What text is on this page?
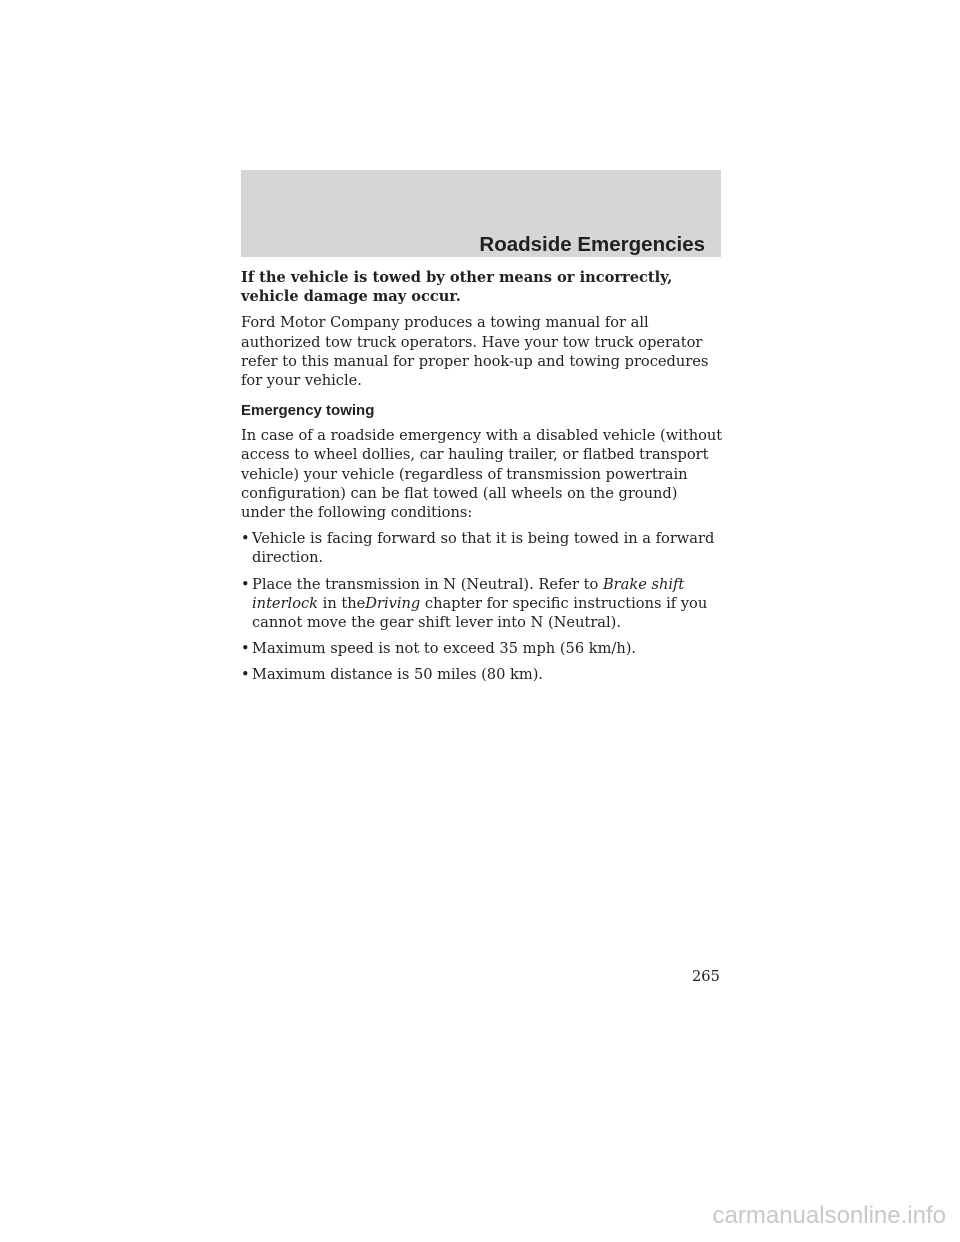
Roadside Emergencies

If the vehicle is towed by other means or incorrectly, vehicle damage may occur.

Ford Motor Company produces a towing manual for all authorized tow truck operators. Have your tow truck operator refer to this manual for proper hook-up and towing procedures for your vehicle.

Emergency towing

In case of a roadside emergency with a disabled vehicle (without access to wheel dollies, car hauling trailer, or flatbed transport vehicle) your vehicle (regardless of transmission powertrain configuration) can be flat towed (all wheels on the ground) under the following conditions:

• Vehicle is facing forward so that it is being towed in a forward direction.
• Place the transmission in N (Neutral). Refer to Brake shift interlock in theDriving chapter for specific instructions if you cannot move the gear shift lever into N (Neutral).
• Maximum speed is not to exceed 35 mph (56 km/h).
• Maximum distance is 50 miles (80 km).
265
carmanualsonline.info
